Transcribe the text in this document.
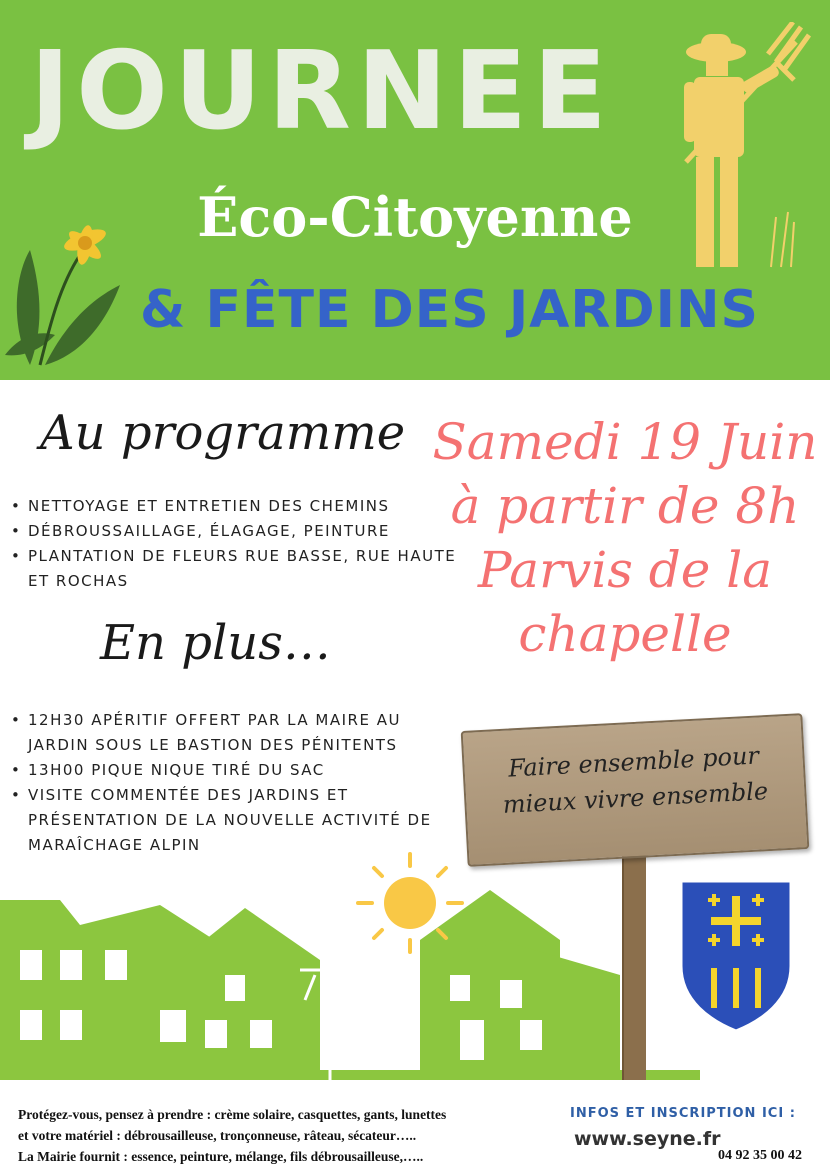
JOURNEE
Éco-Citoyenne
& FÊTE DES JARDINS
Au programme
• NETTOYAGE ET ENTRETIEN DES CHEMINS
• DÉBROUSSAILLAGE, ÉLAGAGE, PEINTURE
• PLANTATION DE FLEURS RUE BASSE, RUE HAUTE ET ROCHAS
En plus…
• 12H30 APÉRITIF OFFERT PAR LA MAIRE AU JARDIN SOUS LE BASTION DES PÉNITENTS
• 13H00 PIQUE NIQUE TIRÉ DU SAC
• VISITE COMMENTÉE DES JARDINS ET PRÉSENTATION DE LA NOUVELLE ACTIVITÉ DE MARAÎCHAGE ALPIN
Samedi 19 Juin
à partir de 8h
Parvis de la
chapelle
Faire ensemble pour
mieux vivre ensemble
Protégez-vous, pensez à prendre : crème solaire, casquettes, gants, lunettes
et votre matériel : débrousailleuse, tronçonneuse, râteau, sécateur…..
La Mairie fournit : essence, peinture, mélange, fils débrousailleuse,…..
INFOS ET INSCRIPTION ICI :
www.seyne.fr
04 92 35 00 42
